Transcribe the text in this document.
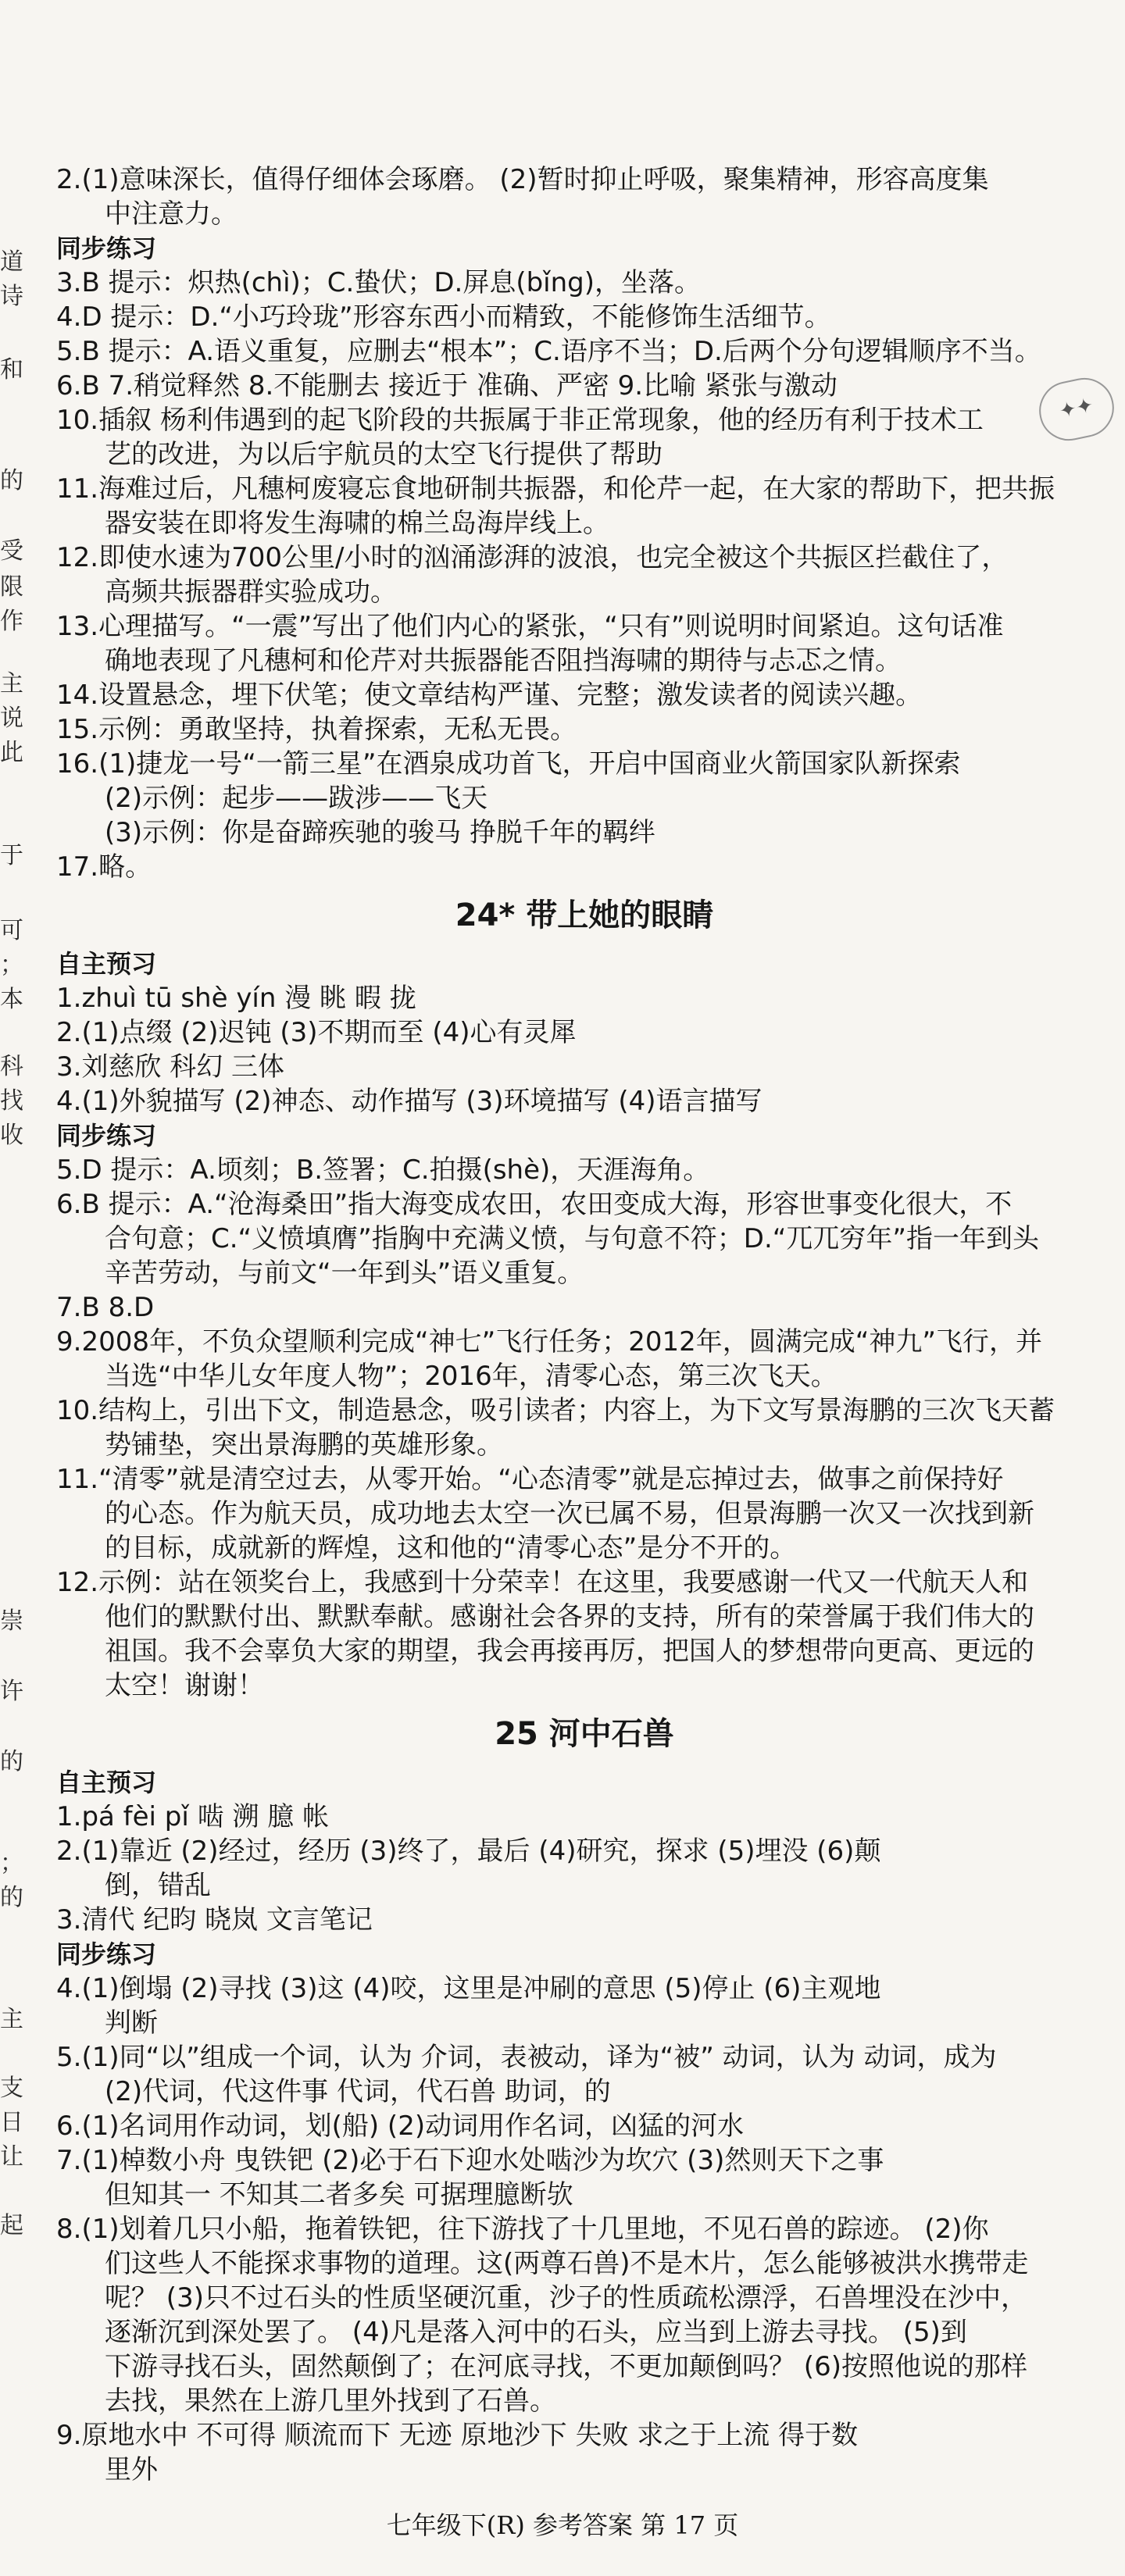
道
诗
和
的
受
限
作
主
说
此
于
可
；
本
科
找
收
崇
许
的
；
的
主
支
日
让
起
✦✦
2.(1)意味深长，值得仔细体会琢磨。 (2)暂时抑止呼吸，聚集精神，形容高度集
中注意力。
同步练习
3.B 提示：炽热(chì)；C.蛰伏；D.屏息(bǐng)，坐落。
4.D 提示：D.“小巧玲珑”形容东西小而精致，不能修饰生活细节。
5.B 提示：A.语义重复，应删去“根本”；C.语序不当；D.后两个分句逻辑顺序不当。
6.B 7.稍觉释然 8.不能删去 接近于 准确、严密 9.比喻 紧张与激动
10.插叙 杨利伟遇到的起飞阶段的共振属于非正常现象，他的经历有利于技术工
艺的改进，为以后宇航员的太空飞行提供了帮助
11.海难过后，凡穗柯废寝忘食地研制共振器，和伦芹一起，在大家的帮助下，把共振
器安装在即将发生海啸的棉兰岛海岸线上。
12.即使水速为700公里/小时的汹涌澎湃的波浪，也完全被这个共振区拦截住了，
高频共振器群实验成功。
13.心理描写。“一震”写出了他们内心的紧张，“只有”则说明时间紧迫。这句话准
确地表现了凡穗柯和伦芹对共振器能否阻挡海啸的期待与忐忑之情。
14.设置悬念，埋下伏笔；使文章结构严谨、完整；激发读者的阅读兴趣。
15.示例：勇敢坚持，执着探索，无私无畏。
16.(1)捷龙一号“一箭三星”在酒泉成功首飞，开启中国商业火箭国家队新探索
(2)示例：起步——跋涉——飞天
(3)示例：你是奋蹄疾驰的骏马 挣脱千年的羁绊
17.略。
24* 带上她的眼睛
自主预习
1.zhuì tū shè yín 漫 眺 暇 拢
2.(1)点缀 (2)迟钝 (3)不期而至 (4)心有灵犀
3.刘慈欣 科幻 三体
4.(1)外貌描写 (2)神态、动作描写 (3)环境描写 (4)语言描写
同步练习
5.D 提示：A.顷刻；B.签署；C.拍摄(shè)，天涯海角。
6.B 提示：A.“沧海桑田”指大海变成农田，农田变成大海，形容世事变化很大，不
合句意；C.“义愤填膺”指胸中充满义愤，与句意不符；D.“兀兀穷年”指一年到头
辛苦劳动，与前文“一年到头”语义重复。
7.B 8.D
9.2008年，不负众望顺利完成“神七”飞行任务；2012年，圆满完成“神九”飞行，并
当选“中华儿女年度人物”；2016年，清零心态，第三次飞天。
10.结构上，引出下文，制造悬念，吸引读者；内容上，为下文写景海鹏的三次飞天蓄
势铺垫，突出景海鹏的英雄形象。
11.“清零”就是清空过去，从零开始。“心态清零”就是忘掉过去，做事之前保持好
的心态。作为航天员，成功地去太空一次已属不易，但景海鹏一次又一次找到新
的目标，成就新的辉煌，这和他的“清零心态”是分不开的。
12.示例：站在领奖台上，我感到十分荣幸！在这里，我要感谢一代又一代航天人和
他们的默默付出、默默奉献。感谢社会各界的支持，所有的荣誉属于我们伟大的
祖国。我不会辜负大家的期望，我会再接再厉，把国人的梦想带向更高、更远的
太空！谢谢！
25 河中石兽
自主预习
1.pá fèi pǐ 啮 溯 臆 帐
2.(1)靠近 (2)经过，经历 (3)终了，最后 (4)研究，探求 (5)埋没 (6)颠
倒，错乱
3.清代 纪昀 晓岚 文言笔记
同步练习
4.(1)倒塌 (2)寻找 (3)这 (4)咬，这里是冲刷的意思 (5)停止 (6)主观地
判断
5.(1)同“以”组成一个词，认为 介词，表被动，译为“被” 动词，认为 动词，成为
(2)代词，代这件事 代词，代石兽 助词，的
6.(1)名词用作动词，划(船) (2)动词用作名词，凶猛的河水
7.(1)棹数小舟 曳铁钯 (2)必于石下迎水处啮沙为坎穴 (3)然则天下之事
但知其一 不知其二者多矣 可据理臆断欤
8.(1)划着几只小船，拖着铁钯，往下游找了十几里地，不见石兽的踪迹。 (2)你
们这些人不能探求事物的道理。这(两尊石兽)不是木片，怎么能够被洪水携带走
呢？ (3)只不过石头的性质坚硬沉重，沙子的性质疏松漂浮，石兽埋没在沙中，
逐渐沉到深处罢了。 (4)凡是落入河中的石头，应当到上游去寻找。 (5)到
下游寻找石头，固然颠倒了；在河底寻找，不更加颠倒吗？ (6)按照他说的那样
去找，果然在上游几里外找到了石兽。
9.原地水中 不可得 顺流而下 无迹 原地沙下 失败 求之于上流 得于数
里外
七年级下(R) 参考答案 第 17 页
